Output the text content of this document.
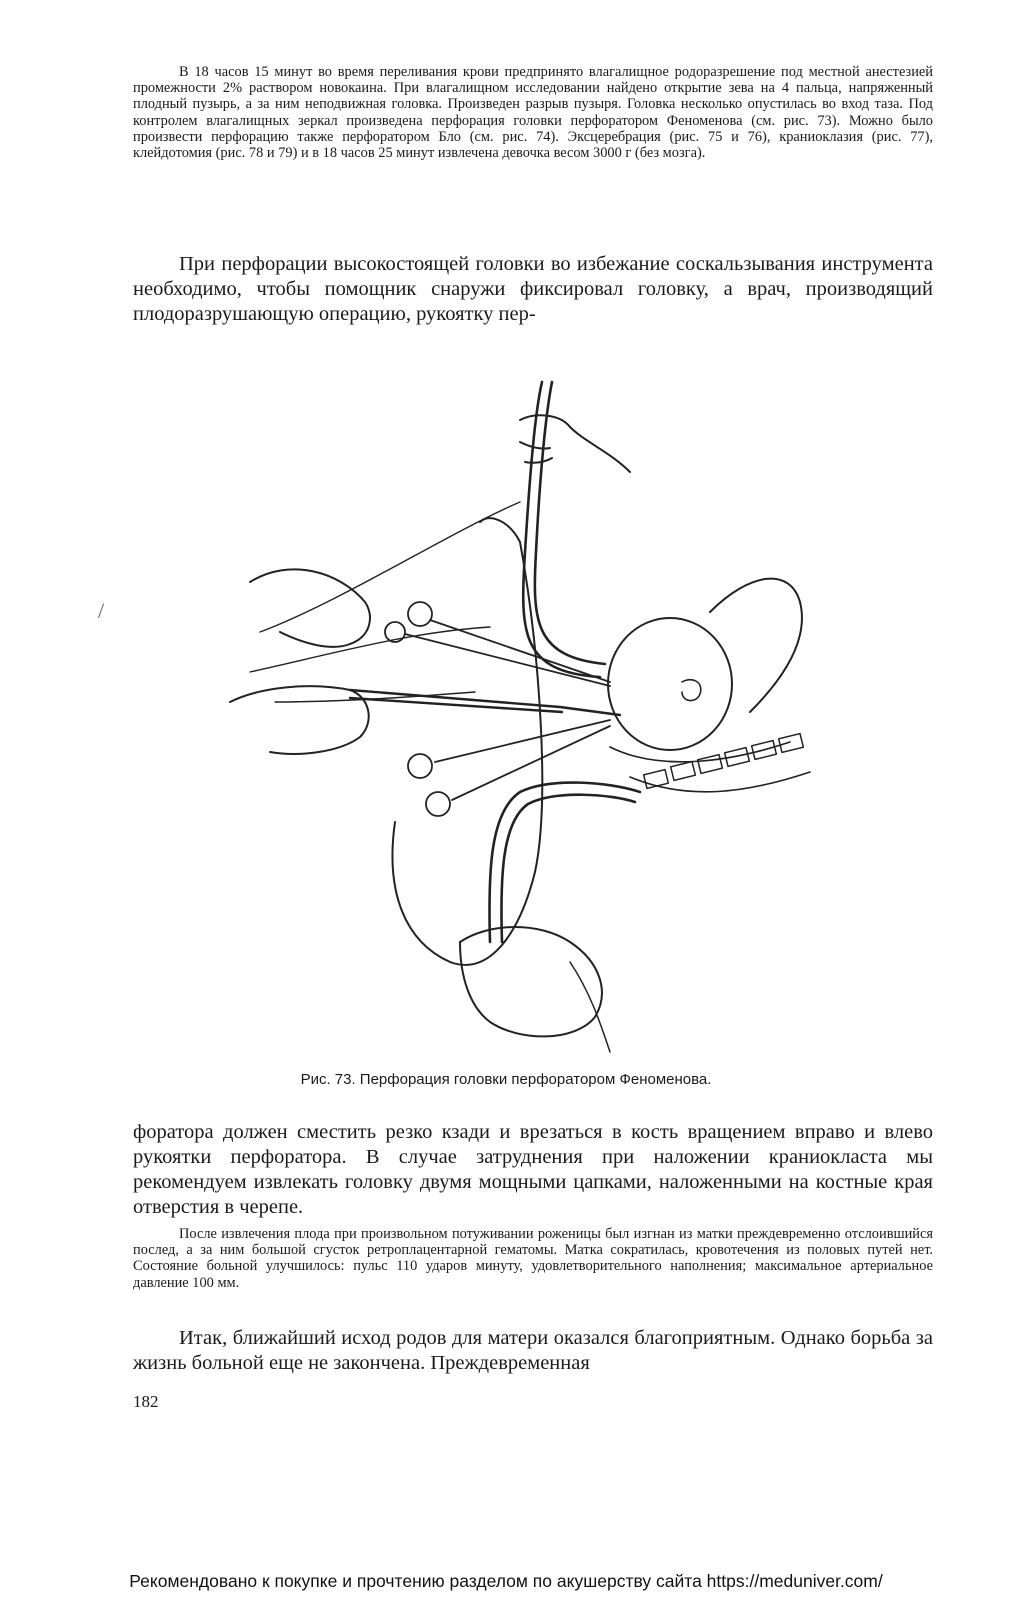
В 18 часов 15 минут во время переливания крови предпринято влагалищное родоразрешение под местной анестезией промежности 2% раствором новокаина. При влагалищном исследовании найдено открытие зева на 4 пальца, напряженный плодный пузырь, а за ним неподвижная головка. Произведен разрыв пузыря. Головка несколько опустилась во вход таза. Под контролем влагалищных зеркал произведена перфорация головки перфоратором Феноменова (см. рис. 73). Можно было произвести перфорацию также перфоратором Бло (см. рис. 74). Эксцеребрация (рис. 75 и 76), краниоклазия (рис. 77), клейдотомия (рис. 78 и 79) и в 18 часов 25 минут извлечена девочка весом 3000 г (без мозга).

При перфорации высокостоящей головки во избежание соскальзывания инструмента необходимо, чтобы помощник снаружи фиксировал головку, а врач, производящий плодоразрушающую операцию, рукоятку пер-

/

Рис. 73. Перфорация головки перфоратором Феноменова.

форатора должен сместить резко кзади и врезаться в кость вращением вправо и влево рукоятки перфоратора. В случае затруднения при наложении краниокласта мы рекомендуем извлекать головку двумя мощными цапками, наложенными на костные края отверстия в черепе.

После извлечения плода при произвольном потуживании роженицы был изгнан из матки преждевременно отслоившийся послед, а за ним большой сгусток ретроплацентарной гематомы. Матка сократилась, кровотечения из половых путей нет. Состояние больной улучшилось: пульс 110 ударов минуту, удовлетворительного наполнения; максимальное артериальное давление 100 мм.

Итак, ближайший исход родов для матери оказался благоприятным. Однако борьба за жизнь больной еще не закончена. Преждевременная

182

Рекомендовано к покупке и прочтению разделом по акушерству сайта https://meduniver.com/
